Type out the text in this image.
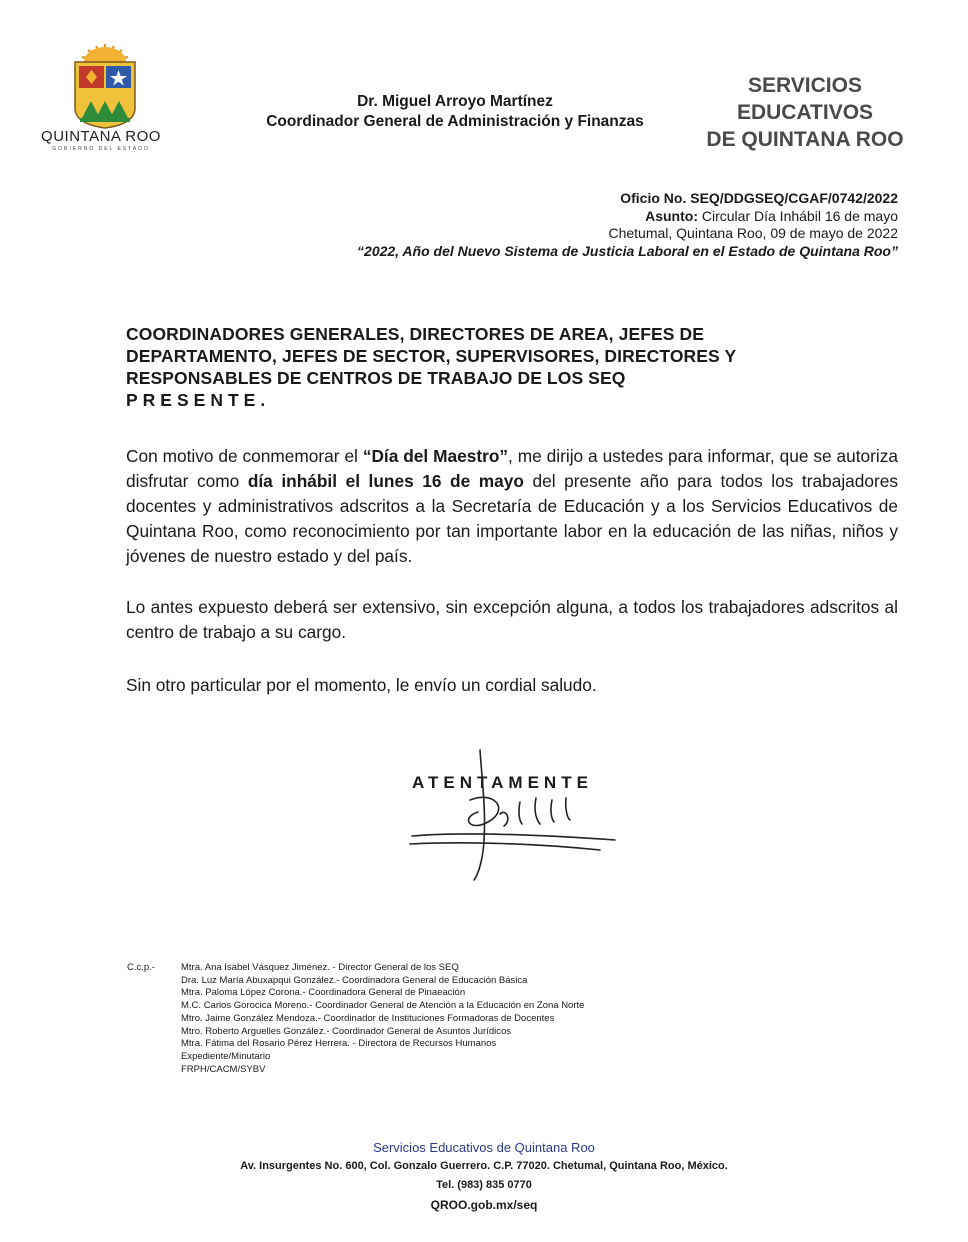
QUINTANA ROO
GOBIERNO DEL ESTADO
Dr. Miguel Arroyo Martínez
Coordinador General de Administración y Finanzas
SERVICIOS EDUCATIVOS
DE QUINTANA ROO
Oficio No. SEQ/DDGSEQ/CGAF/0742/2022
Asunto: Circular Día Inhábil 16 de mayo
Chetumal, Quintana Roo, 09 de mayo de 2022
“2022, Año del Nuevo Sistema de Justicia Laboral en el Estado de Quintana Roo”
COORDINADORES GENERALES, DIRECTORES DE AREA, JEFES DE
DEPARTAMENTO, JEFES DE SECTOR, SUPERVISORES, DIRECTORES Y
RESPONSABLES DE CENTROS DE TRABAJO DE LOS SEQ
PRESENTE.
Con motivo de conmemorar el “Día del Maestro”, me dirijo a ustedes para informar, que se autoriza disfrutar como día inhábil el lunes 16 de mayo del presente año para todos los trabajadores docentes y administrativos adscritos a la Secretaría de Educación y a los Servicios Educativos de Quintana Roo, como reconocimiento por tan importante labor en la educación de las niñas, niños y jóvenes de nuestro estado y del país.
Lo antes expuesto deberá ser extensivo, sin excepción alguna, a todos los trabajadores adscritos al centro de trabajo a su cargo.
Sin otro particular por el momento, le envío un cordial saludo.
ATENTAMENTE
C.c.p.-	Mtra. Ana Isabel Vásquez Jiménez. - Director General de los SEQ
Dra. Luz María Abuxapqui González.- Coordinadora General de Educación Básica
Mtra. Paloma López Corona.- Coordinadora General de Pinaeación
M.C. Carlos Gorocica Moreno.- Coordinador General de Atención a la Educación en Zona Norte
Mtro. Jaime González Mendoza.- Coordinador de Instituciones Formadoras de Docentes
Mtro. Roberto Arguelles González.- Coordinador General de Asuntos Jurídicos
Mtra. Fátima del Rosario Pérez Herrera. - Directora de Recursos Humanos
Expediente/Minutario
FRPH/CACM/SYBV
Servicios Educativos de Quintana Roo
Av. Insurgentes No. 600, Col. Gonzalo Guerrero. C.P. 77020. Chetumal, Quintana Roo, México.
Tel. (983) 835 0770
QROO.gob.mx/seq
